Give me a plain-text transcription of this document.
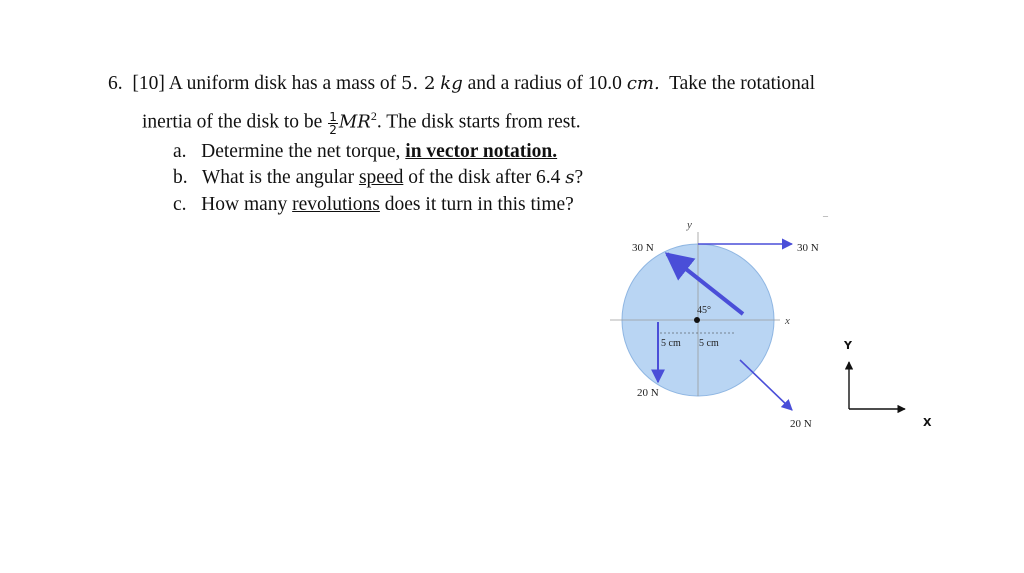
6. [10] A uniform disk has a mass of 5. 2 kg and a radius of 10.0 cm. Take the rotational
inertia of the disk to be $\frac{1}{2} MR^2$. The disk starts from rest.
a. Determine the net torque, in vector notation.
b. What is the angular speed of the disk after 6.4 s?
c. How many revolutions does it turn in this time?
y
x
30 N	30 N
45°
20 N
20 N
5 cm 5 cm
–
Y
X
